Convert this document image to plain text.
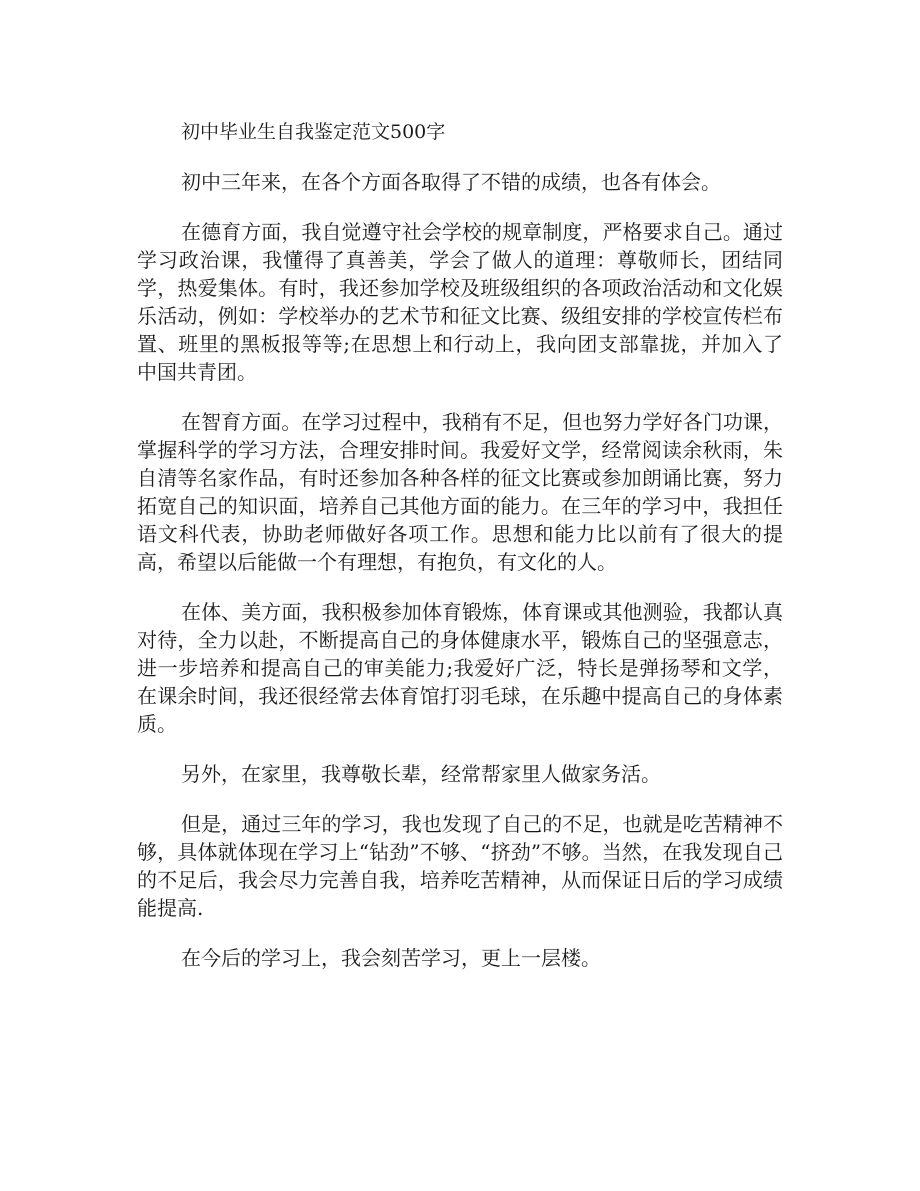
初中毕业生自我鉴定范文500字

初中三年来，在各个方面各取得了不错的成绩，也各有体会。

在德育方面，我自觉遵守社会学校的规章制度，严格要求自己。通过学习政治课，我懂得了真善美，学会了做人的道理：尊敬师长，团结同学，热爱集体。有时，我还参加学校及班级组织的各项政治活动和文化娱乐活动，例如：学校举办的艺术节和征文比赛、级组安排的学校宣传栏布置、班里的黑板报等等;在思想上和行动上，我向团支部靠拢，并加入了中国共青团。

在智育方面。在学习过程中，我稍有不足，但也努力学好各门功课，掌握科学的学习方法，合理安排时间。我爱好文学，经常阅读余秋雨，朱自清等名家作品，有时还参加各种各样的征文比赛或参加朗诵比赛，努力拓宽自己的知识面，培养自己其他方面的能力。在三年的学习中，我担任语文科代表，协助老师做好各项工作。思想和能力比以前有了很大的提高，希望以后能做一个有理想，有抱负，有文化的人。

在体、美方面，我积极参加体育锻炼，体育课或其他测验，我都认真对待，全力以赴，不断提高自己的身体健康水平，锻炼自己的坚强意志，进一步培养和提高自己的审美能力;我爱好广泛，特长是弹扬琴和文学，在课余时间，我还很经常去体育馆打羽毛球，在乐趣中提高自己的身体素质。

另外，在家里，我尊敬长辈，经常帮家里人做家务活。

但是，通过三年的学习，我也发现了自己的不足，也就是吃苦精神不够，具体就体现在学习上“钻劲”不够、“挤劲”不够。当然，在我发现自己的不足后，我会尽力完善自我，培养吃苦精神，从而保证日后的学习成绩能提高.

在今后的学习上，我会刻苦学习，更上一层楼。
